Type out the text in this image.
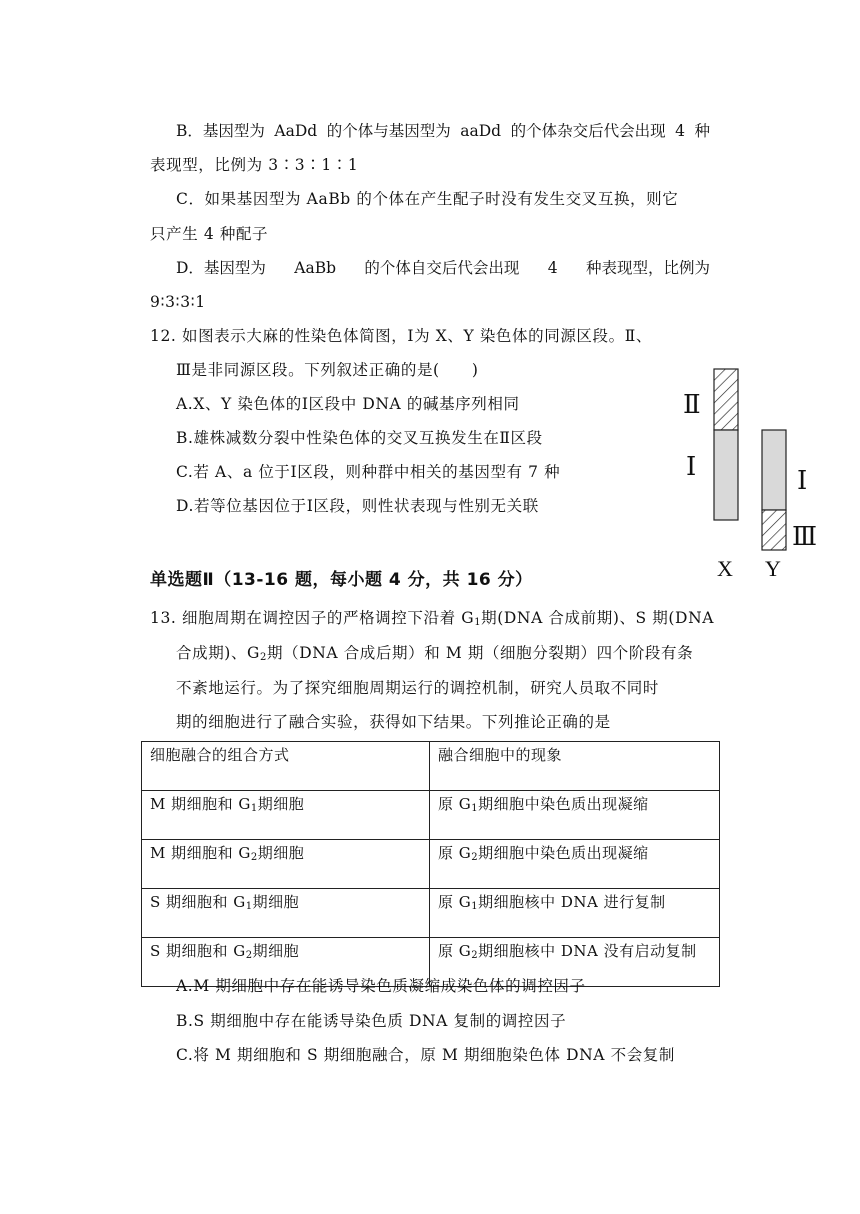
B．基因型为 AaDd 的个体与基因型为 aaDd 的个体杂交后代会出现 4 种
表现型，比例为 3∶3∶1∶1
C．如果基因型为 AaBb 的个体在产生配子时没有发生交叉互换，则它
只产生 4 种配子
D．基因型为 AaBb 的个体自交后代会出现 4 种表现型，比例为
9∶3∶3∶1
12. 如图表示大麻的性染色体简图，Ⅰ为 X、Y 染色体的同源区段。Ⅱ、
Ⅲ是非同源区段。下列叙述正确的是(　　)
A.X、Y 染色体的Ⅰ区段中 DNA 的碱基序列相同
B.雄株减数分裂中性染色体的交叉互换发生在Ⅱ区段
C.若 A、a 位于Ⅰ区段，则种群中相关的基因型有 7 种
D.若等位基因位于Ⅰ区段，则性状表现与性别无关联
Ⅱ
Ⅰ	Ⅰ
Ⅲ
X Y
单选题Ⅱ（13-16 题，每小题 4 分，共 16 分）
13. 细胞周期在调控因子的严格调控下沿着 $G_1$期(DNA 合成前期)、S 期(DNA
合成期)、$G_2$期（DNA 合成后期）和 M 期（细胞分裂期）四个阶段有条
不紊地运行。为了探究细胞周期运行的调控机制，研究人员取不同时
期的细胞进行了融合实验，获得如下结果。下列推论正确的是
细胞融合的组合方式	融合细胞中的现象
M 期细胞和 $G_1$期细胞	原 $G_1$期细胞中染色质出现凝缩
M 期细胞和 $G_2$期细胞	原 $G_2$期细胞中染色质出现凝缩
S 期细胞和 $G_1$期细胞	原 $G_1$期细胞核中 DNA 进行复制
S 期细胞和 $G_2$期细胞	原 $G_2$期细胞核中 DNA 没有启动复制
A.M 期细胞中存在能诱导染色质凝缩成染色体的调控因子
B.S 期细胞中存在能诱导染色质 DNA 复制的调控因子
C.将 M 期细胞和 S 期细胞融合，原 M 期细胞染色体 DNA 不会复制
